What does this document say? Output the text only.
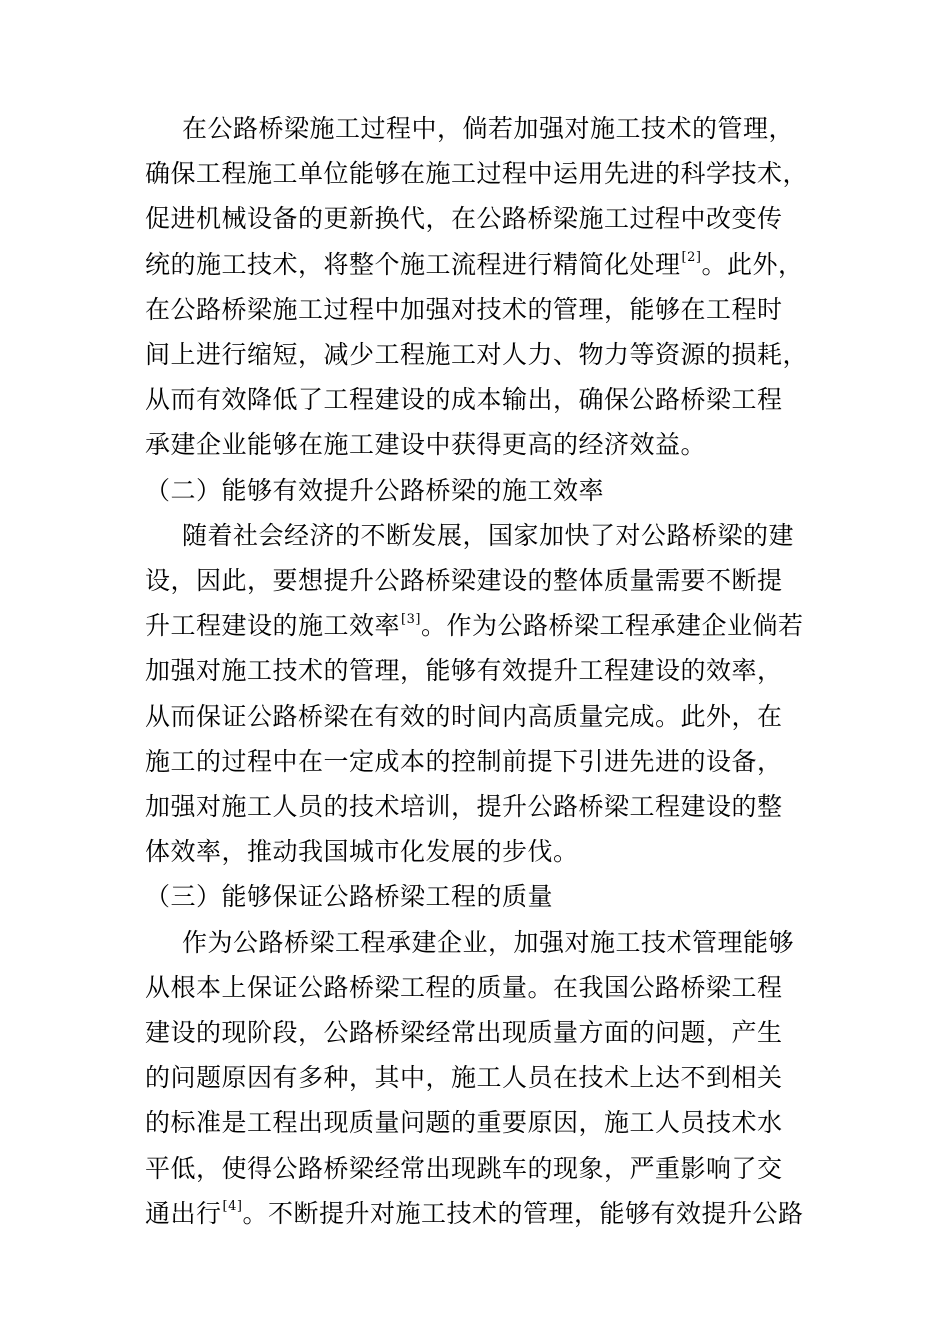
在公路桥梁施工过程中，倘若加强对施工技术的管理，
确保工程施工单位能够在施工过程中运用先进的科学技术，
促进机械设备的更新换代，在公路桥梁施工过程中改变传
统的施工技术，将整个施工流程进行精简化处理[2]。此外，
在公路桥梁施工过程中加强对技术的管理，能够在工程时
间上进行缩短，减少工程施工对人力、物力等资源的损耗，
从而有效降低了工程建设的成本输出，确保公路桥梁工程
承建企业能够在施工建设中获得更高的经济效益。
（二）能够有效提升公路桥梁的施工效率
随着社会经济的不断发展，国家加快了对公路桥梁的建
设，因此，要想提升公路桥梁建设的整体质量需要不断提
升工程建设的施工效率[3]。作为公路桥梁工程承建企业倘若
加强对施工技术的管理，能够有效提升工程建设的效率，
从而保证公路桥梁在有效的时间内高质量完成。此外，在
施工的过程中在一定成本的控制前提下引进先进的设备，
加强对施工人员的技术培训，提升公路桥梁工程建设的整
体效率，推动我国城市化发展的步伐。
（三）能够保证公路桥梁工程的质量
作为公路桥梁工程承建企业，加强对施工技术管理能够
从根本上保证公路桥梁工程的质量。在我国公路桥梁工程
建设的现阶段，公路桥梁经常出现质量方面的问题，产生
的问题原因有多种，其中，施工人员在技术上达不到相关
的标准是工程出现质量问题的重要原因，施工人员技术水
平低，使得公路桥梁经常出现跳车的现象，严重影响了交
通出行[4]。不断提升对施工技术的管理，能够有效提升公路
